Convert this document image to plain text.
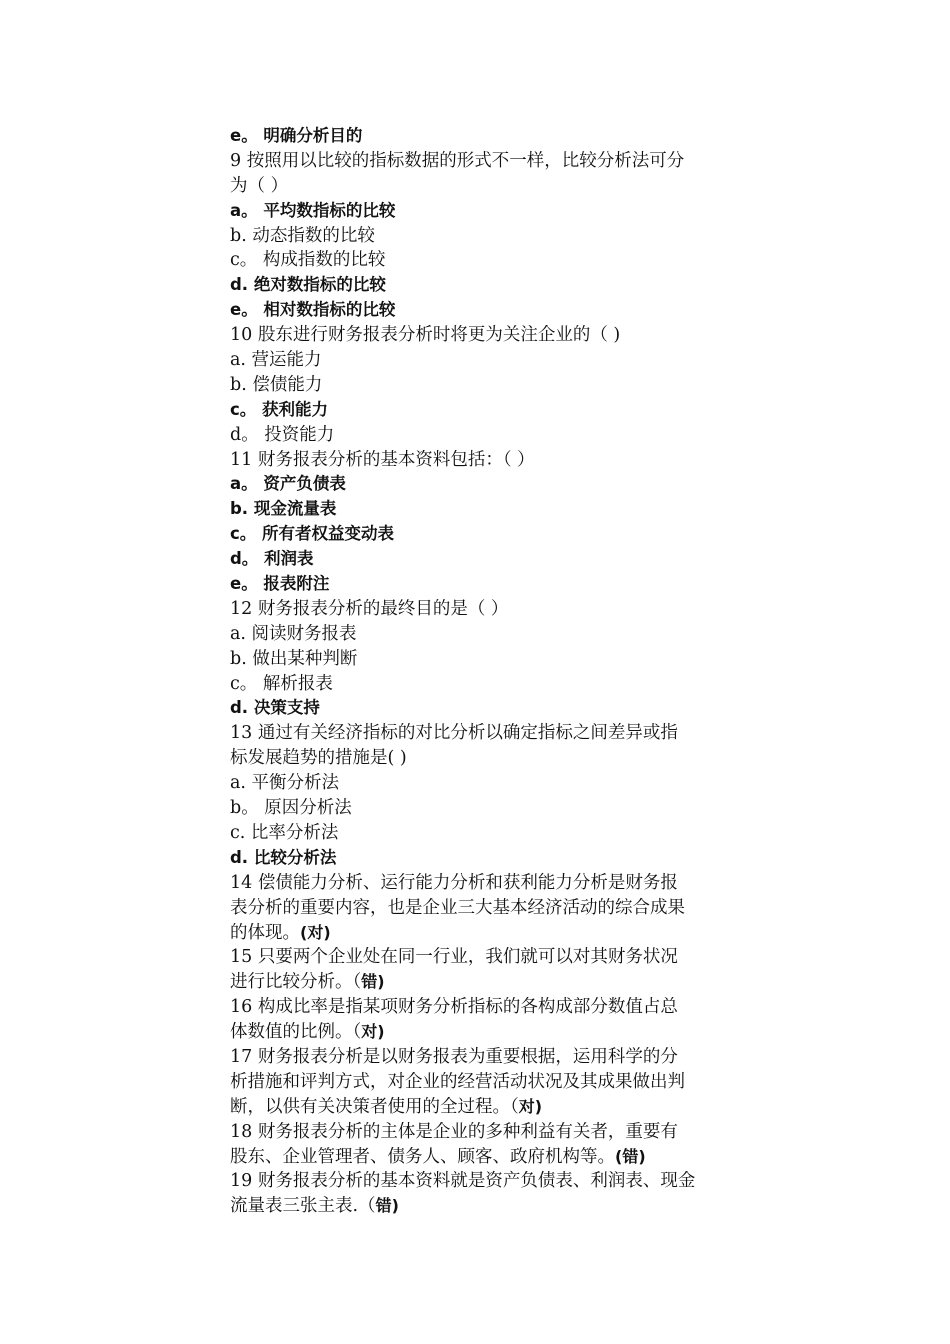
e。 明确分析目的
9 按照用以比较的指标数据的形式不一样，比较分析法可分
为（ ）
a。 平均数指标的比较
b. 动态指数的比较
c。 构成指数的比较
d. 绝对数指标的比较
e。 相对数指标的比较
10 股东进行财务报表分析时将更为关注企业的（ )
a. 营运能力
b. 偿债能力
c。 获利能力
d。 投资能力
11 财务报表分析的基本资料包括：（ ）
a。 资产负债表
b. 现金流量表
c。 所有者权益变动表
d。 利润表
e。 报表附注
12 财务报表分析的最终目的是（ ）
a. 阅读财务报表
b. 做出某种判断
c。 解析报表
d. 决策支持
13 通过有关经济指标的对比分析以确定指标之间差异或指
标发展趋势的措施是( )
a. 平衡分析法
b。 原因分析法
c. 比率分析法
d. 比较分析法
14 偿债能力分析、运行能力分析和获利能力分析是财务报
表分析的重要内容，也是企业三大基本经济活动的综合成果
的体现。(对)
15 只要两个企业处在同一行业，我们就可以对其财务状况
进行比较分析。（错)
16 构成比率是指某项财务分析指标的各构成部分数值占总
体数值的比例。（对)
17 财务报表分析是以财务报表为重要根据，运用科学的分
析措施和评判方式，对企业的经营活动状况及其成果做出判
断，以供有关决策者使用的全过程。（对)
18 财务报表分析的主体是企业的多种利益有关者，重要有
股东、企业管理者、债务人、顾客、政府机构等。(错)
19 财务报表分析的基本资料就是资产负债表、利润表、现金
流量表三张主表.（错)
